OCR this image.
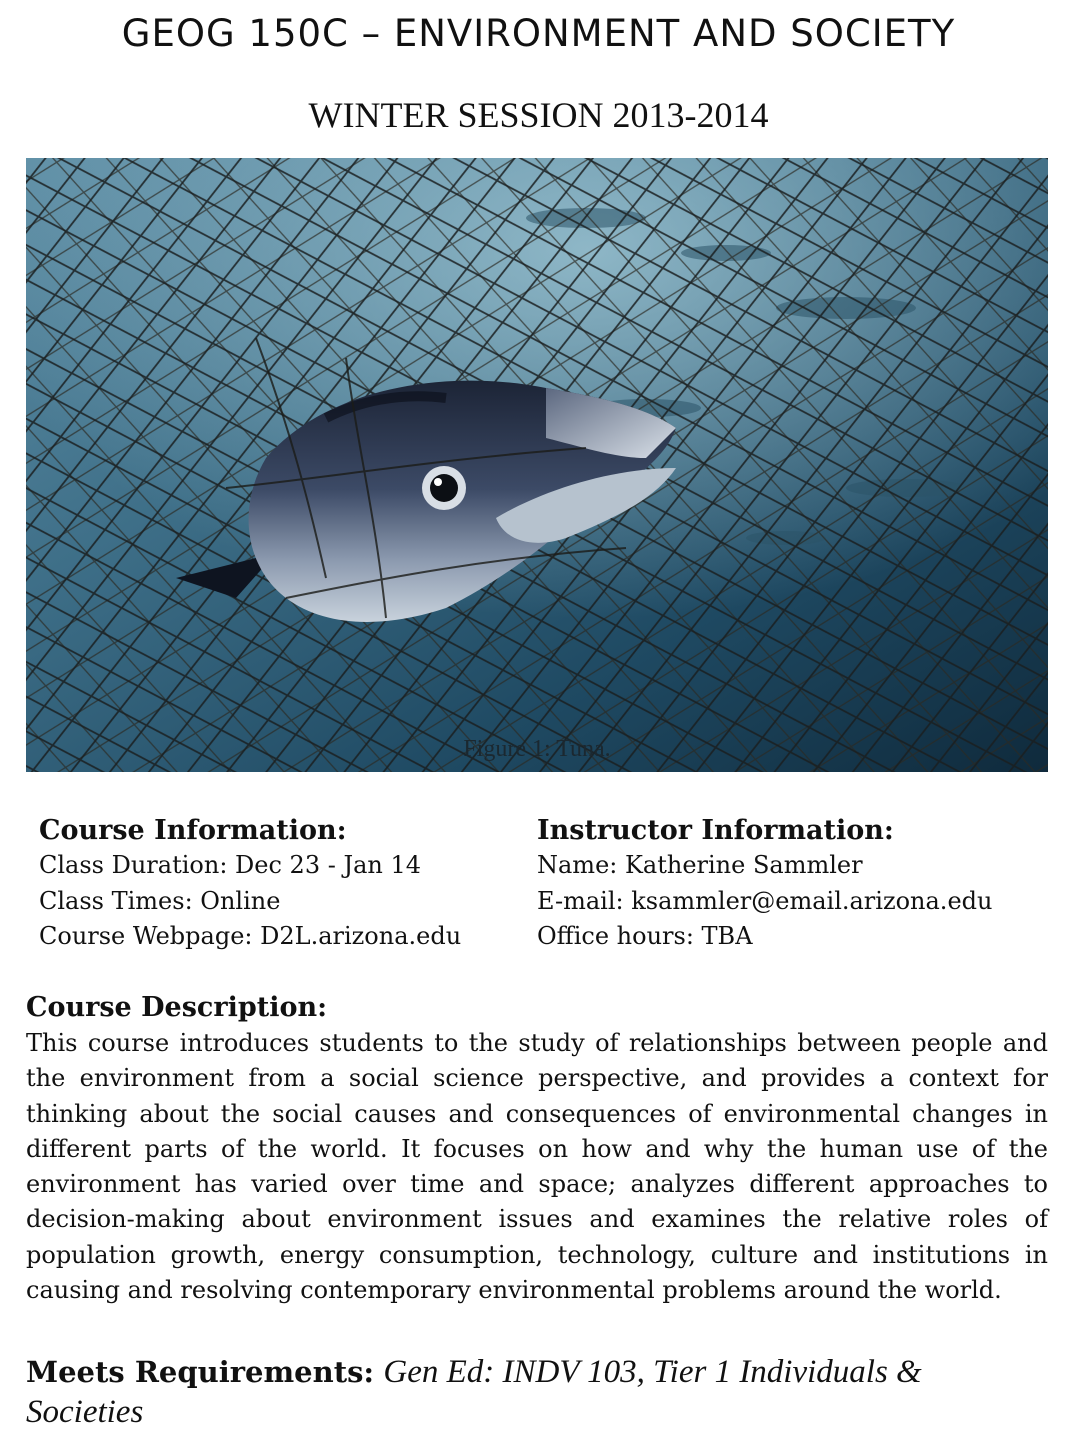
GEOG 150C – ENVIRONMENT AND SOCIETY
WINTER SESSION 2013-2014
Figure 1: Tuna.
Course Information:
Class Duration: Dec 23 - Jan 14
Class Times: Online
Course Webpage: D2L.arizona.edu
Instructor Information:
Name: Katherine Sammler
E-mail: ksammler@email.arizona.edu
Office hours: TBA
Course Description:

This course introduces students to the study of relationships between people and the environment from a social science perspective, and provides a context for thinking about the social causes and consequences of environmental changes in different parts of the world. It focuses on how and why the human use of the environment has varied over time and space; analyzes different approaches to decision-making about environment issues and examines the relative roles of population growth, energy consumption, technology, culture and institutions in causing and resolving contemporary environmental problems around the world.

Meets Requirements: Gen Ed: INDV 103, Tier 1 Individuals & Societies
